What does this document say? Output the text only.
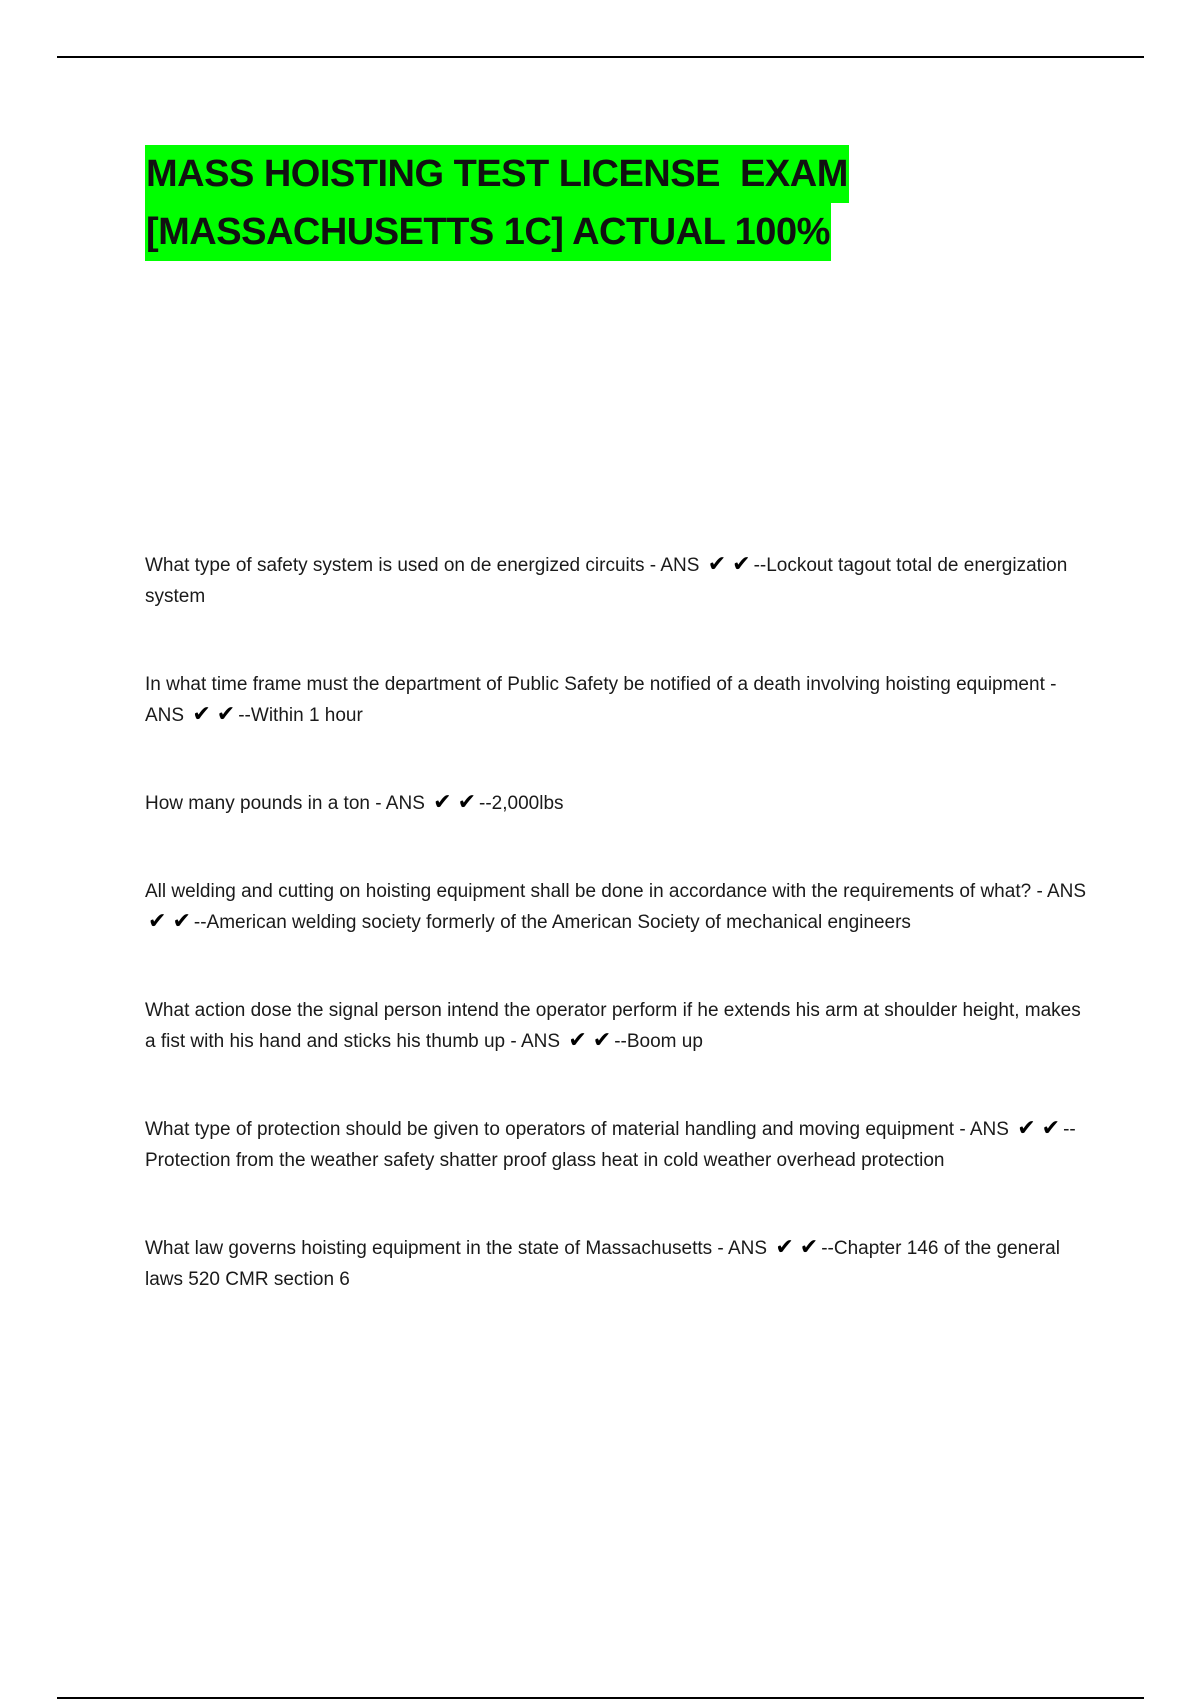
MASS HOISTING TEST LICENSE  EXAM
[MASSACHUSETTS 1C] ACTUAL 100%
What type of safety system is used on de energized circuits - ANS ✔ ✔ --Lockout tagout total de energization system
In what time frame must the department of Public Safety be notified of a death involving hoisting equipment - ANS ✔ ✔ --Within 1 hour
How many pounds in a ton - ANS ✔ ✔ --2,000lbs
All welding and cutting on hoisting equipment shall be done in accordance with the requirements of what? - ANS ✔ ✔ --American welding society formerly of the American Society of mechanical engineers
What action dose the signal person intend the operator perform if he extends his arm at shoulder height, makes a fist with his hand and sticks his thumb up - ANS ✔ ✔ --Boom up
What type of protection should be given to operators of material handling and moving equipment - ANS ✔ ✔ --Protection from the weather safety shatter proof glass heat in cold weather overhead protection
What law governs hoisting equipment in the state of Massachusetts - ANS ✔ ✔ --Chapter 146 of the general laws 520 CMR section 6
